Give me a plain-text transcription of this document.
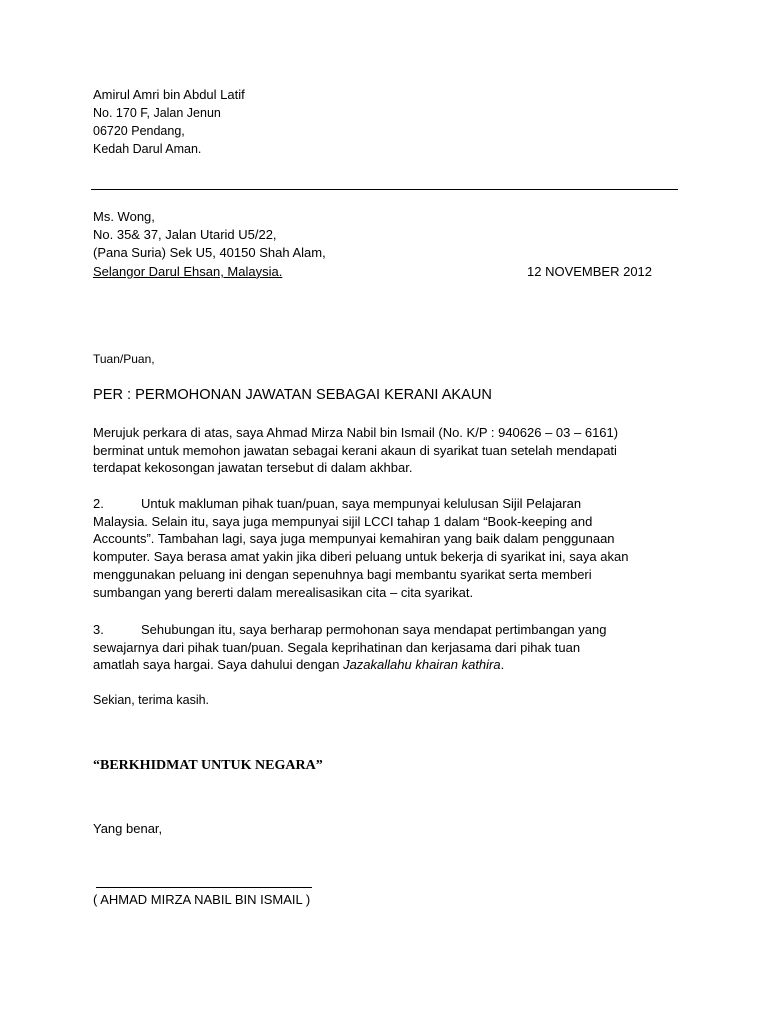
Amirul Amri bin Abdul Latif
No. 170 F, Jalan Jenun
06720 Pendang,
Kedah Darul Aman.
Ms. Wong,
No. 35& 37, Jalan Utarid U5/22,
(Pana Suria) Sek U5, 40150 Shah Alam,
Selangor Darul Ehsan, Malaysia.	12 NOVEMBER 2012
Tuan/Puan,
PER : PERMOHONAN JAWATAN SEBAGAI KERANI AKAUN
Merujuk perkara di atas, saya Ahmad Mirza Nabil bin Ismail (No. K/P : 940626 – 03 – 6161)
berminat untuk memohon jawatan sebagai kerani akaun di syarikat tuan setelah mendapati
terdapat kekosongan jawatan tersebut di dalam akhbar.
2.	Untuk makluman pihak tuan/puan, saya mempunyai kelulusan Sijil Pelajaran
Malaysia. Selain itu, saya juga mempunyai sijil LCCI tahap 1 dalam “Book-keeping and
Accounts”. Tambahan lagi, saya juga mempunyai kemahiran yang baik dalam penggunaan
komputer. Saya berasa amat yakin jika diberi peluang untuk bekerja di syarikat ini, saya akan
menggunakan peluang ini dengan sepenuhnya bagi membantu syarikat serta memberi
sumbangan yang bererti dalam merealisasikan cita – cita syarikat.
3.	Sehubungan itu, saya berharap permohonan saya mendapat pertimbangan yang
sewajarnya dari pihak tuan/puan. Segala keprihatinan dan kerjasama dari pihak tuan
amatlah saya hargai. Saya dahului dengan Jazakallahu khairan kathira.
Sekian, terima kasih.
“BERKHIDMAT UNTUK NEGARA”
Yang benar,
( AHMAD MIRZA NABIL BIN ISMAIL )
